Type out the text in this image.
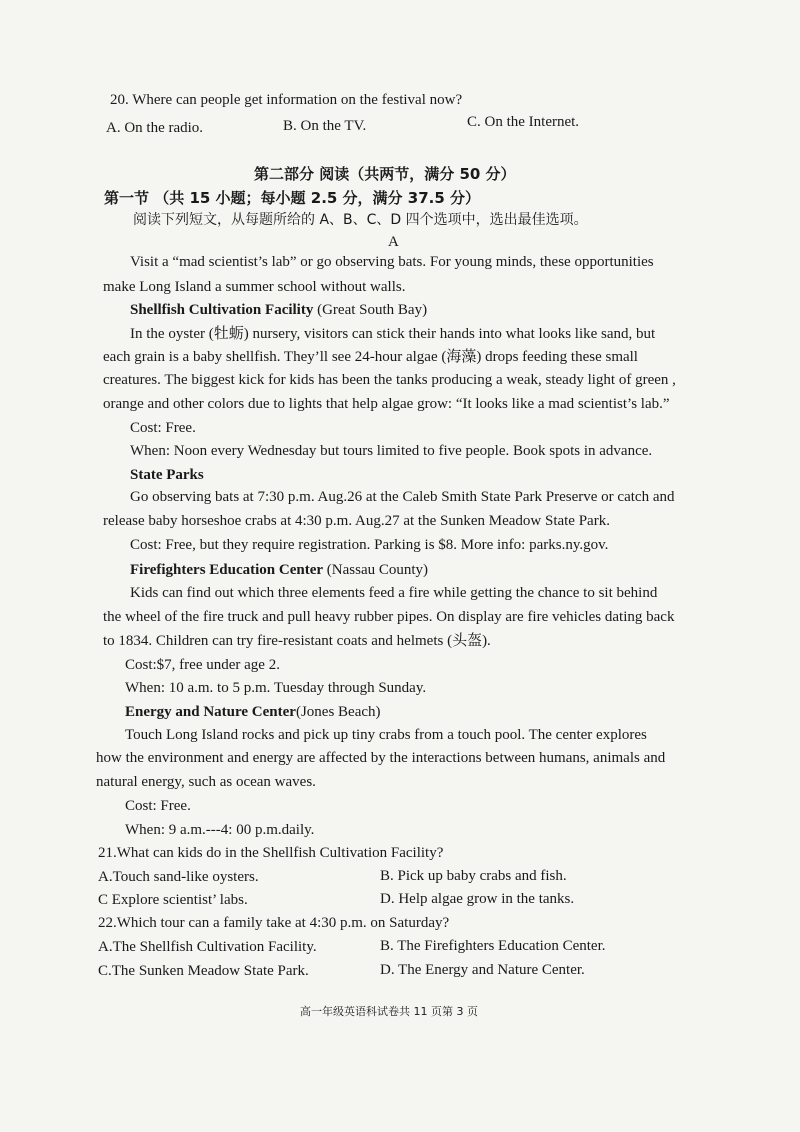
20. Where can people get information on the festival now?
A. On the radio.	B. On the TV.	C. On the Internet.
第二部分 阅读（共两节，满分 50 分）
第一节 （共 15 小题；每小题 2.5 分，满分 37.5 分）
阅读下列短文，从每题所给的 A、B、C、D 四个选项中，选出最佳选项。
A
Visit a “mad scientist’s lab” or go observing bats. For young minds, these opportunities
make Long Island a summer school without walls.
Shellfish Cultivation Facility (Great South Bay)
In the oyster (牡蛎) nursery, visitors can stick their hands into what looks like sand, but
each grain is a baby shellfish. They’ll see 24-hour algae (海藻) drops feeding these small
creatures. The biggest kick for kids has been the tanks producing a weak, steady light of green ,
orange and other colors due to lights that help algae grow: “It looks like a mad scientist’s lab.”
Cost: Free.
When: Noon every Wednesday but tours limited to five people. Book spots in advance.
State Parks
Go observing bats at 7:30 p.m. Aug.26 at the Caleb Smith State Park Preserve or catch and
release baby horseshoe crabs at 4:30 p.m. Aug.27 at the Sunken Meadow State Park.
Cost: Free, but they require registration. Parking is $8. More info: parks.ny.gov.
Firefighters Education Center (Nassau County)
Kids can find out which three elements feed a fire while getting the chance to sit behind
the wheel of the fire truck and pull heavy rubber pipes. On display are fire vehicles dating back
to 1834. Children can try fire-resistant coats and helmets (头盔).
Cost:$7, free under age 2.
When: 10 a.m. to 5 p.m. Tuesday through Sunday.
Energy and Nature Center(Jones Beach)
Touch Long Island rocks and pick up tiny crabs from a touch pool. The center explores
how the environment and energy are affected by the interactions between humans, animals and
natural energy, such as ocean waves.
Cost: Free.
When: 9 a.m.---4: 00 p.m.daily.
21.What can kids do in the Shellfish Cultivation Facility?
A.Touch sand-like oysters.	B. Pick up baby crabs and fish.
C Explore scientist’ labs.	D. Help algae grow in the tanks.
22.Which tour can a family take at 4:30 p.m. on Saturday?
A.The Shellfish Cultivation Facility.	B. The Firefighters Education Center.
C.The Sunken Meadow State Park.	D. The Energy and Nature Center.
高一年级英语科试卷共 11 页第 3 页
